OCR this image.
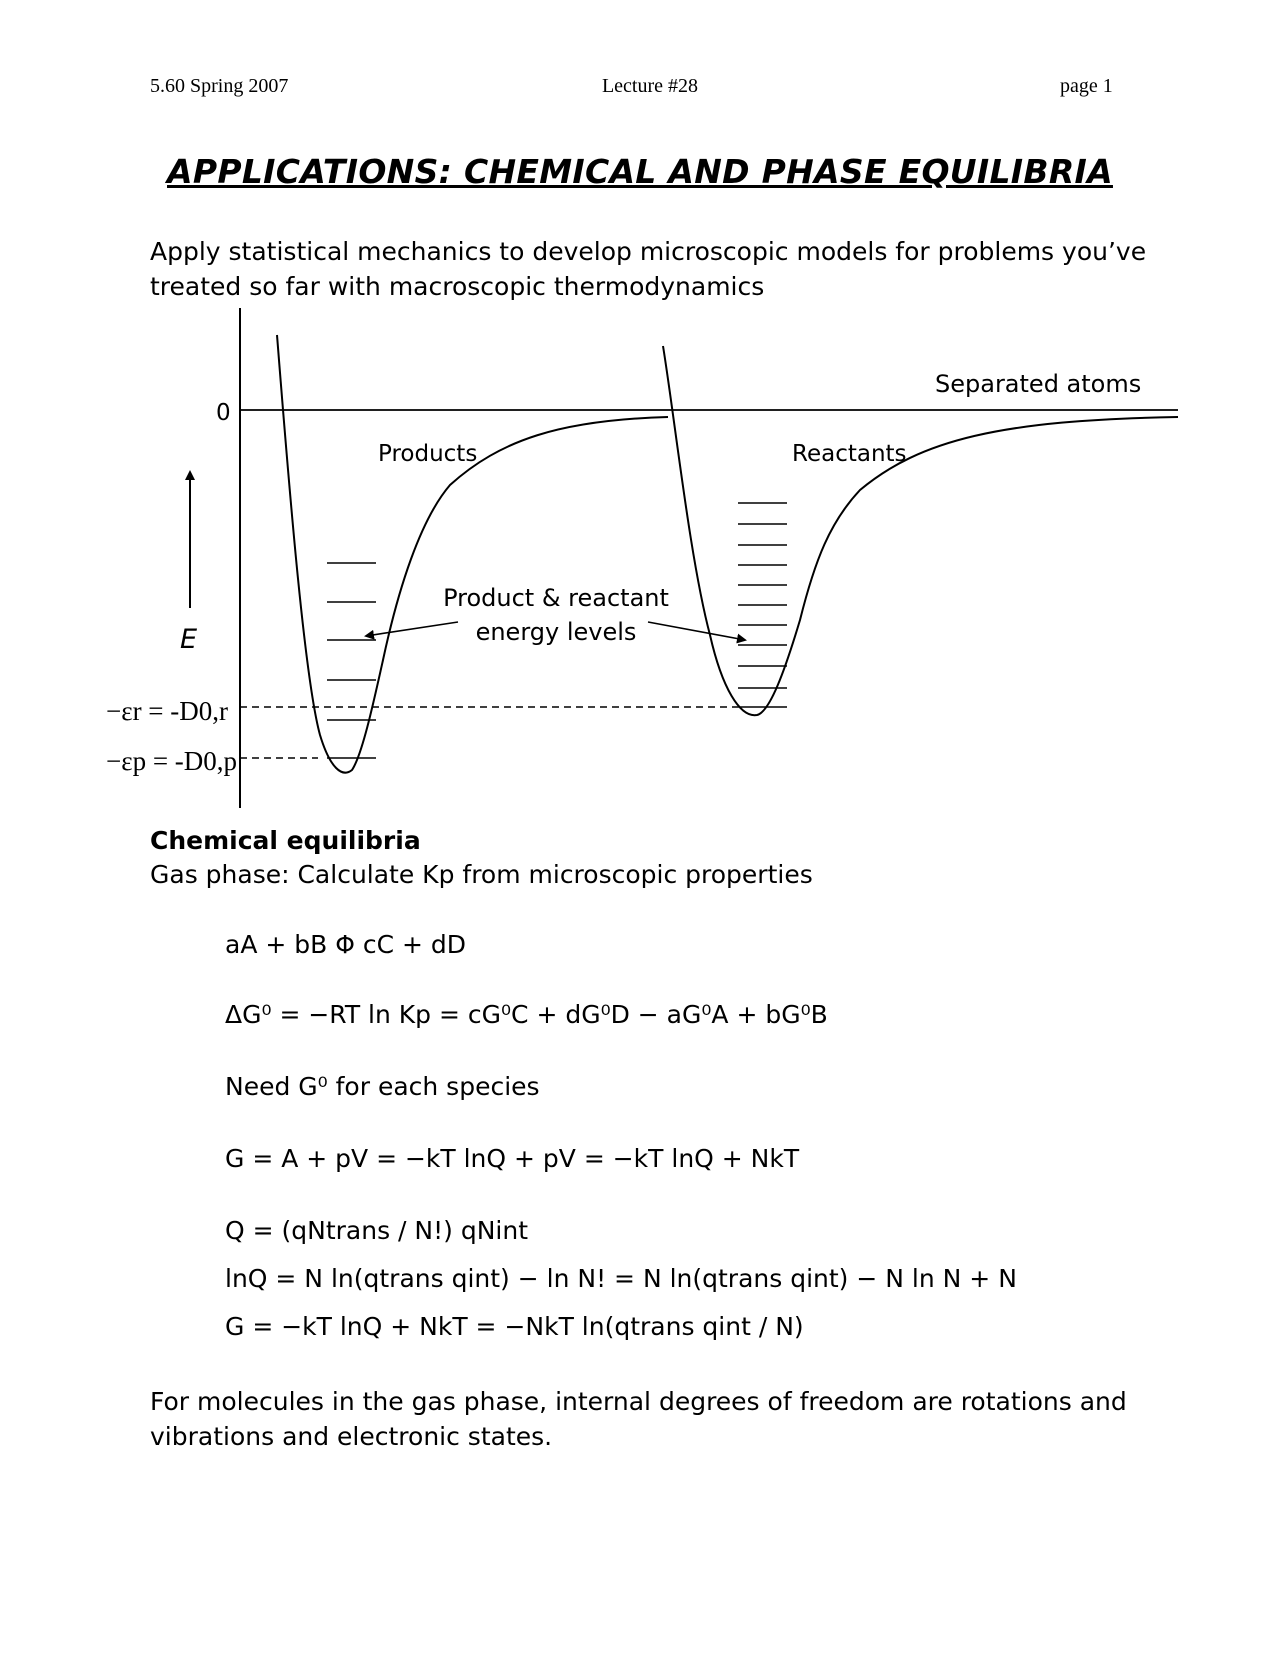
5.60 Spring 2007	Lecture #28	page 1
APPLICATIONS: CHEMICAL AND PHASE EQUILIBRIA

Apply statistical mechanics to develop microscopic models for problems you’ve treated so far with macroscopic thermodynamics

0
Separated atoms
Products	Reactants
E
Product & reactant
energy levels
−εr = -D0,r
−εp = -D0,p
Chemical equilibria
Gas phase: Calculate Kp from microscopic properties
aA + bB Φ cC + dD
ΔG⁰ = −RT ln Kp = cG⁰C + dG⁰D − aG⁰A + bG⁰B
Need G⁰ for each species
G = A + pV = −kT lnQ + pV = −kT lnQ + NkT
Q = (qNtrans / N!) qNint
lnQ = N ln(qtrans qint) − ln N! = N ln(qtrans qint) − N ln N + N
G = −kT lnQ + NkT = −NkT ln(qtrans qint / N)

For molecules in the gas phase, internal degrees of freedom are rotations and vibrations and electronic states.
